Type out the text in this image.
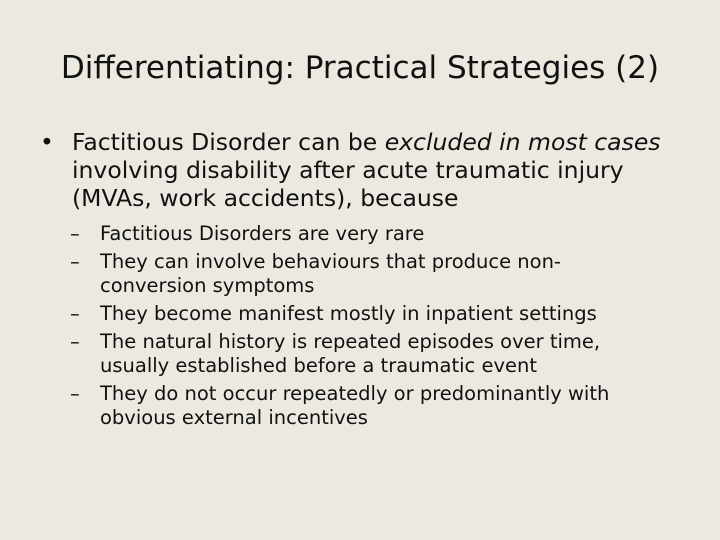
Differentiating: Practical Strategies (2)
• Factitious Disorder can be excluded in most cases involving disability after acute traumatic injury (MVAs, work accidents), because
– Factitious Disorders are very rare
– They can involve behaviours that produce non-conversion symptoms
– They become manifest mostly in inpatient settings
– The natural history is repeated episodes over time, usually established before a traumatic event
– They do not occur repeatedly or predominantly with obvious external incentives
